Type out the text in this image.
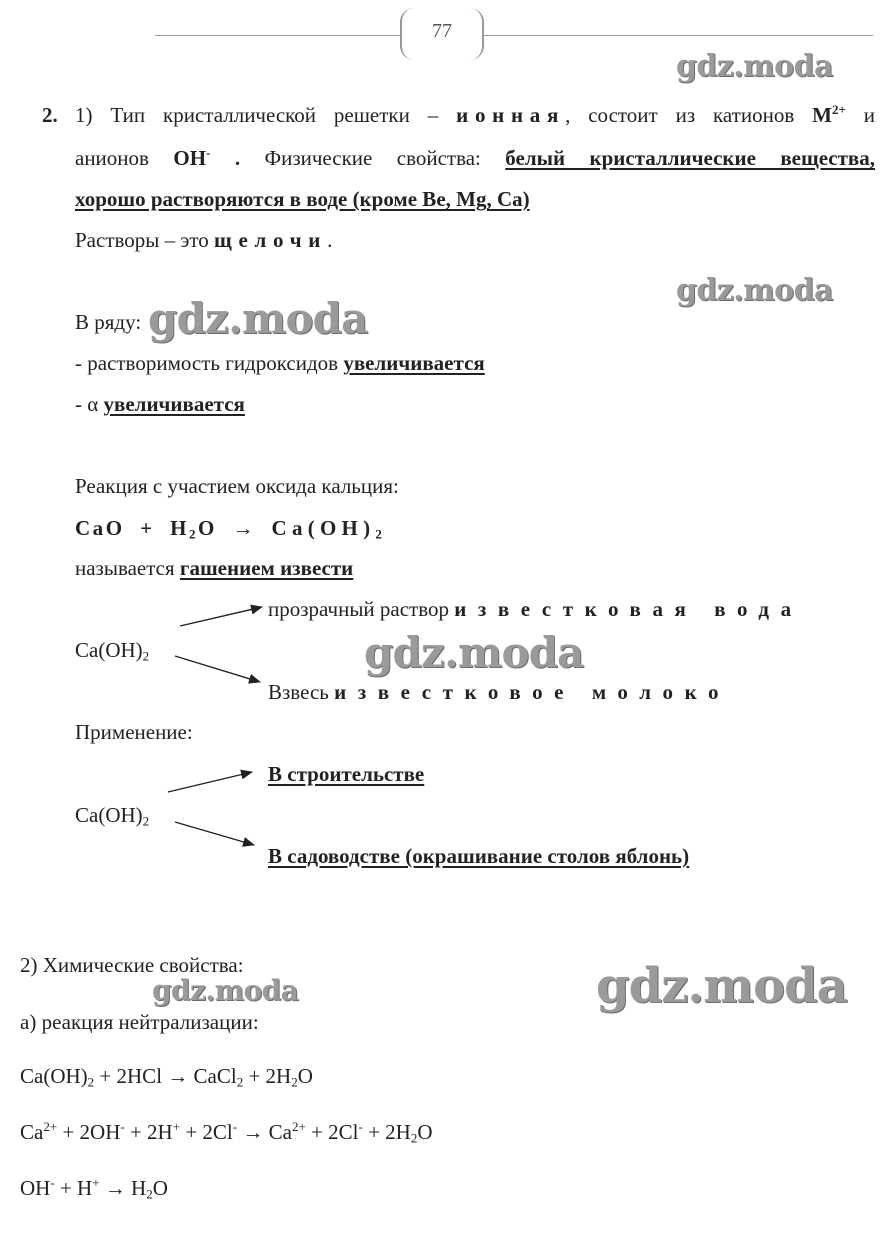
77
gdz.moda
gdz.moda
gdz.moda
gdz.moda
gdz.moda
gdz.moda
2. 1) Тип кристаллической решетки – ионная, состоит из катионов $M^{2+}$ и
анионов OH- . Физические свойства: белый кристаллические вещества,
хорошо растворяются в воде (кроме Be, Mg, Ca)
Растворы – это щелочи.
В ряду:
- растворимость гидроксидов увеличивается
- α увеличивается
Реакция с участием оксида кальция:
CaO + $H_2O \to Ca(OH)_2$
называется гашением извести
прозрачный раствор известковая вода
$Ca(OH)_2$
Взвесь известковое молоко
Применение:
В строительстве
$Ca(OH)_2$
В садоводстве (окрашивание столов яблонь)
2) Химические свойства:
а) реакция нейтрализации:
$Ca(OH)_2 + 2HCl$ → CaCl$_2$ + $2H_2O$
$Ca^{2+} + 2OH^- + 2H^+ + 2Cl^- \to Ca^{2+} + 2Cl^- + 2H_2O$
$OH^- + H^+ \to H_2O$
